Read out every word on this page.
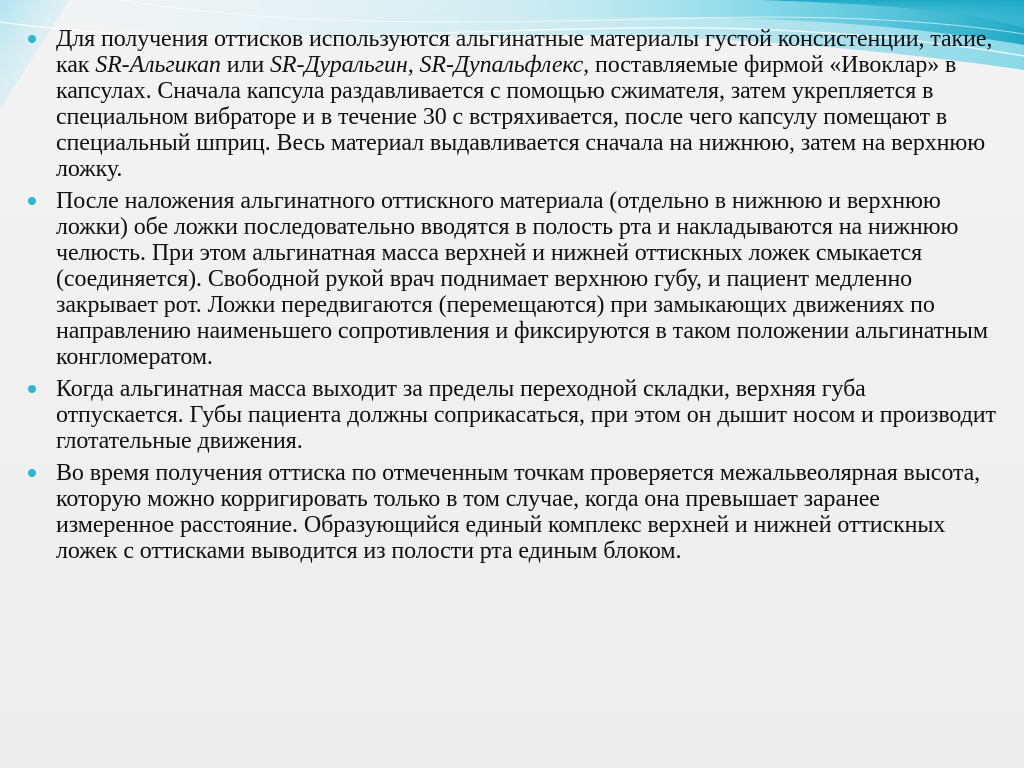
Для получения оттисков используются альгинатные материалы густой консистенции, такие, как SR-Альгикап или SR-Дуральгин, SR-Дупальфлекс, поставляемые фирмой «Ивоклар» в капсулах. Сначала капсула раздавливается с помощью сжимателя, затем укрепляется в специальном вибраторе и в течение 30 с встряхивается, после чего капсулу помещают в специальный шприц. Весь материал выдавливается сначала на нижнюю, затем на верхнюю ложку.
После наложения альгинатного оттискного материала (отдельно в нижнюю и верхнюю ложки) обе ложки последовательно вводятся в полость рта и накладываются на нижнюю челюсть. При этом альгинатная масса верхней и нижней оттискных ложек смыкается (соединяется). Свободной рукой врач поднимает верхнюю губу, и пациент медленно закрывает рот. Ложки передвигаются (перемещаются) при замыкающих движениях по направлению наименьшего сопротивления и фиксируются в таком положении альгинатным конгломератом.
Когда альгинатная масса выходит за пределы переходной складки, верхняя губа отпускается. Губы пациента должны соприкасаться, при этом он дышит носом и производит глотательные движения.
Во время получения оттиска по отмеченным точкам проверяется межальвеолярная высота, которую можно корригировать только в том случае, когда она превышает заранее измеренное расстояние. Образующийся единый комплекс верхней и нижней оттискных ложек с оттисками выводится из полости рта единым блоком.
